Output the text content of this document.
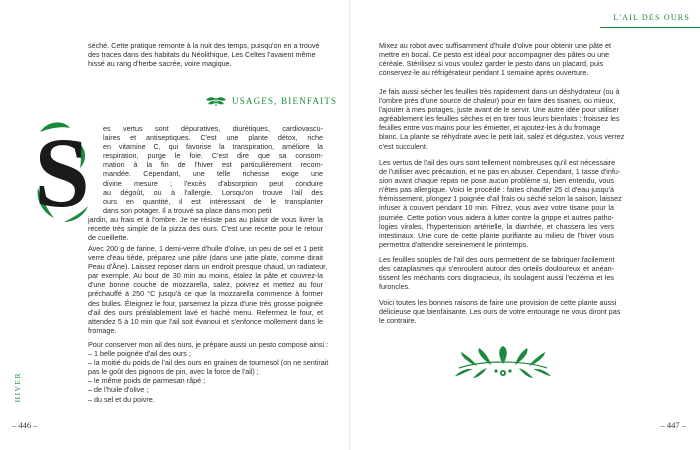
séché. Cette pratique remonte à la nuit des temps, puisqu'on en a trouvé
des traces dans des habitats du Néolithique. Les Celtes l'avaient même
hissé au rang d'herbe sacrée, voire magique.
USAGES, BIENFAITS
S es vertus sont dépuratives, diurétiques, cardiovascu-
laires et antiseptiques. C'est une plante détox, riche
en vitamine C, qui favorise la transpiration, améliore la
respiration, purge le foie. C'est dire que sa consom-
mation à la fin de l'hiver est particulièrement recom-
mandée. Cependant, une telle richesse exige une
divine mesure ; l'excès d'absorption peut conduire
au dégoût, ou à l'allergie. Lorsqu'on trouve l'ail des
ours en quantité, il est intéressant de le transplanter
dans son potager. Il a trouvé sa place dans mon petit
jardin, au frais et à l'ombre. Je ne résiste pas au plaisir de vous livrer la
recette très simple de la pizza des ours. C'est une recette pour le retour
de cueillette.
Avec 200 g de farine, 1 demi-verre d'huile d'olive, un peu de sel et 1 petit
verre d'eau tiède, préparez une pâte (dans une jatte plate, comme dirait
Peau d'Âne). Laissez reposer dans un endroit presque chaud, un radiateur,
par exemple. Au bout de 30 min au moins, étalez la pâte et couvrez-la
d'une bonne couche de mozzarella, salez, poivrez et mettez au four
préchauffé à 250 °C jusqu'à ce que la mozzarella commence à former
des bulles. Éteignez le four, parsemez la pizza d'une très grosse poignée
d'ail des ours préalablement lavé et haché menu. Refermez le four, et
attendez 5 à 10 min que l'ail soit évanoui et s'enfonce mollement dans le
fromage.
Pour conserver mon ail des ours, je prépare aussi un pesto composé ainsi :
– 1 belle poignée d'ail des ours ;
– la moitié du poids de l'ail des ours en graines de tournesol (on ne sentirait
pas le goût des pignons de pin, avec la force de l'ail) ;
– le même poids de parmesan râpé ;
– de l'huile d'olive ;
– du sel et du poivre.
HIVER
– 446 –
L'AIL DES OURS
Mixez au robot avec suffisamment d'huile d'olive pour obtenir une pâte et
mettre en bocal. Ce pesto est idéal pour accompagner des pâtes ou une
céréale. Stérilisez si vous voulez garder le pesto dans un placard, puis
conservez-le au réfrigérateur pendant 1 semaine après ouverture.
Je fais aussi sécher les feuilles très rapidement dans un déshydrateur (ou à
l'ombre près d'une source de chaleur) pour en faire des tisanes, ou mieux,
l'ajouter à mes potages, juste avant de le servir. Une autre idée pour utiliser
agréablement les feuilles sèches et en tirer tous leurs bienfaits : froissez les
feuilles entre vos mains pour les émietter, et ajoutez-les à du fromage
blanc. La plante se réhydrate avec le petit lait, salez et dégustez, vous verrez
c'est succulent.
Les vertus de l'ail des ours sont tellement nombreuses qu'il est nécessaire
de l'utiliser avec précaution, et ne pas en abuser. Cependant, 1 tasse d'infu-
sion avant chaque repas ne pose aucun problème si, bien entendu, vous
n'êtes pas allergique. Voici le procédé : faites chauffer 25 cl d'eau jusqu'à
frémissement, plongez 1 poignée d'ail frais ou séché selon la saison, laissez
infuser à couvert pendant 10 min. Filtrez, vous avez votre tisane pour la
journée. Cette potion vous aidera à lutter contre la grippe et autres patho-
logies virales, l'hypertension artérielle, la diarrhée, et chassera les vers
intestinaux. Une cure de cette plante purifiante au milieu de l'hiver vous
permettra d'attendre sereinement le printemps.
Les feuilles souples de l'ail des ours permettent de se fabriquer facilement
des cataplasmes qui s'enroulent autour des orteils douloureux et anéan-
tissent les méchants cors disgracieux, ils soulagent aussi l'eczéma et les
furoncles.
Voici toutes les bonnes raisons de faire une provision de cette plante aussi
délicieuse que bienfaisante. Les ours de votre entourage ne vous diront pas
le contraire.
– 447 –
